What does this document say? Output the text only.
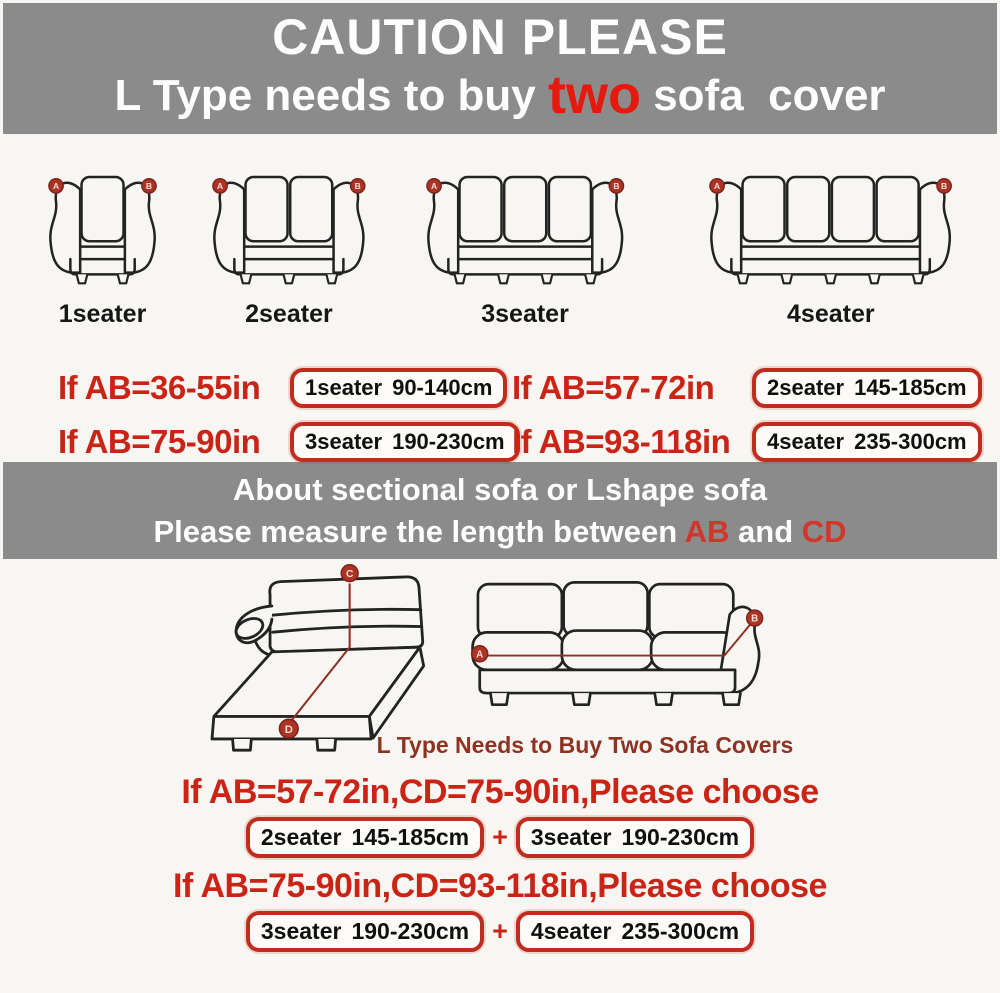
CAUTION PLEASE
L Type needs to buy two sofa  cover
A	B
1seater
A	B
2seater
A	B
3seater
A	B
4seater
If AB=36-55in	1seater 90-140cm If AB=57-72in	2seater 145-185cm
If AB=75-90in	3seater 190-230cm If AB=93-118in	4seater 235-300cm
About sectional sofa or Lshape sofa
Please measure the length between AB and CD
C
D
A
B
L Type Needs to Buy Two Sofa Covers
If AB=57-72in,CD=75-90in,Please choose
2seater 145-185cm + 3seater 190-230cm
If AB=75-90in,CD=93-118in,Please choose
3seater 190-230cm + 4seater 235-300cm
